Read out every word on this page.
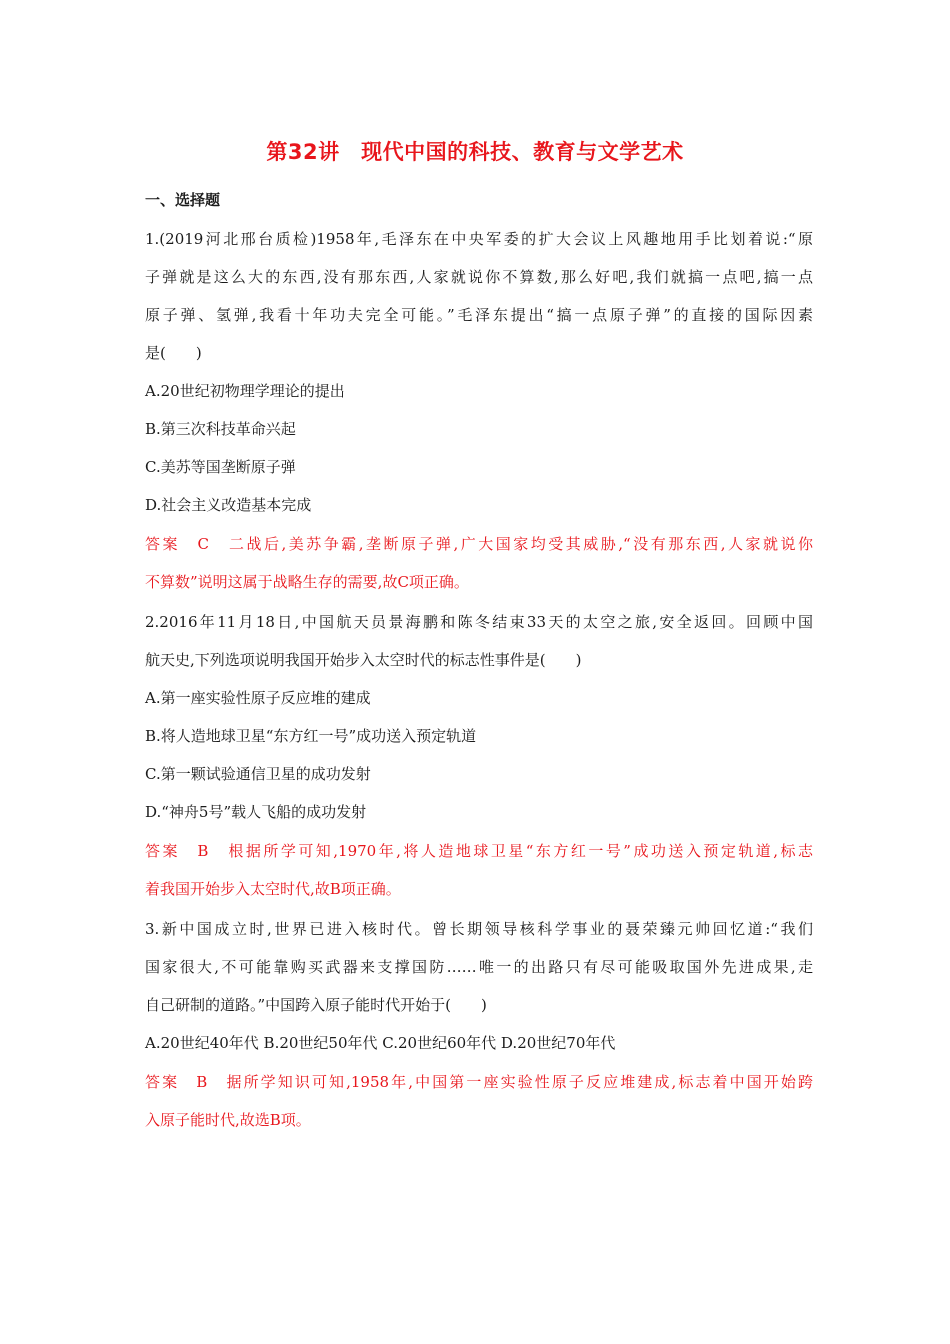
第32讲　现代中国的科技、教育与文学艺术
一、选择题
1.(2019河北邢台质检)1958年,毛泽东在中央军委的扩大会议上风趣地用手比划着说:“原
子弹就是这么大的东西,没有那东西,人家就说你不算数,那么好吧,我们就搞一点吧,搞一点
原子弹、氢弹,我看十年功夫完全可能。”毛泽东提出“搞一点原子弹”的直接的国际因素
是(　　)
A.20世纪初物理学理论的提出
B.第三次科技革命兴起
C.美苏等国垄断原子弹
D.社会主义改造基本完成
答案　C　二战后,美苏争霸,垄断原子弹,广大国家均受其威胁,“没有那东西,人家就说你
不算数”说明这属于战略生存的需要,故C项正确。
2.2016年11月18日,中国航天员景海鹏和陈冬结束33天的太空之旅,安全返回。回顾中国
航天史,下列选项说明我国开始步入太空时代的标志性事件是(　　)
A.第一座实验性原子反应堆的建成
B.将人造地球卫星“东方红一号”成功送入预定轨道
C.第一颗试验通信卫星的成功发射
D.“神舟5号”载人飞船的成功发射
答案　B　根据所学可知,1970年,将人造地球卫星“东方红一号”成功送入预定轨道,标志
着我国开始步入太空时代,故B项正确。
3.新中国成立时,世界已进入核时代。曾长期领导核科学事业的聂荣臻元帅回忆道:“我们
国家很大,不可能靠购买武器来支撑国防……唯一的出路只有尽可能吸取国外先进成果,走
自己研制的道路。”中国跨入原子能时代开始于(　　)
A.20世纪40年代 B.20世纪50年代 C.20世纪60年代 D.20世纪70年代
答案　B　据所学知识可知,1958年,中国第一座实验性原子反应堆建成,标志着中国开始跨
入原子能时代,故选B项。
